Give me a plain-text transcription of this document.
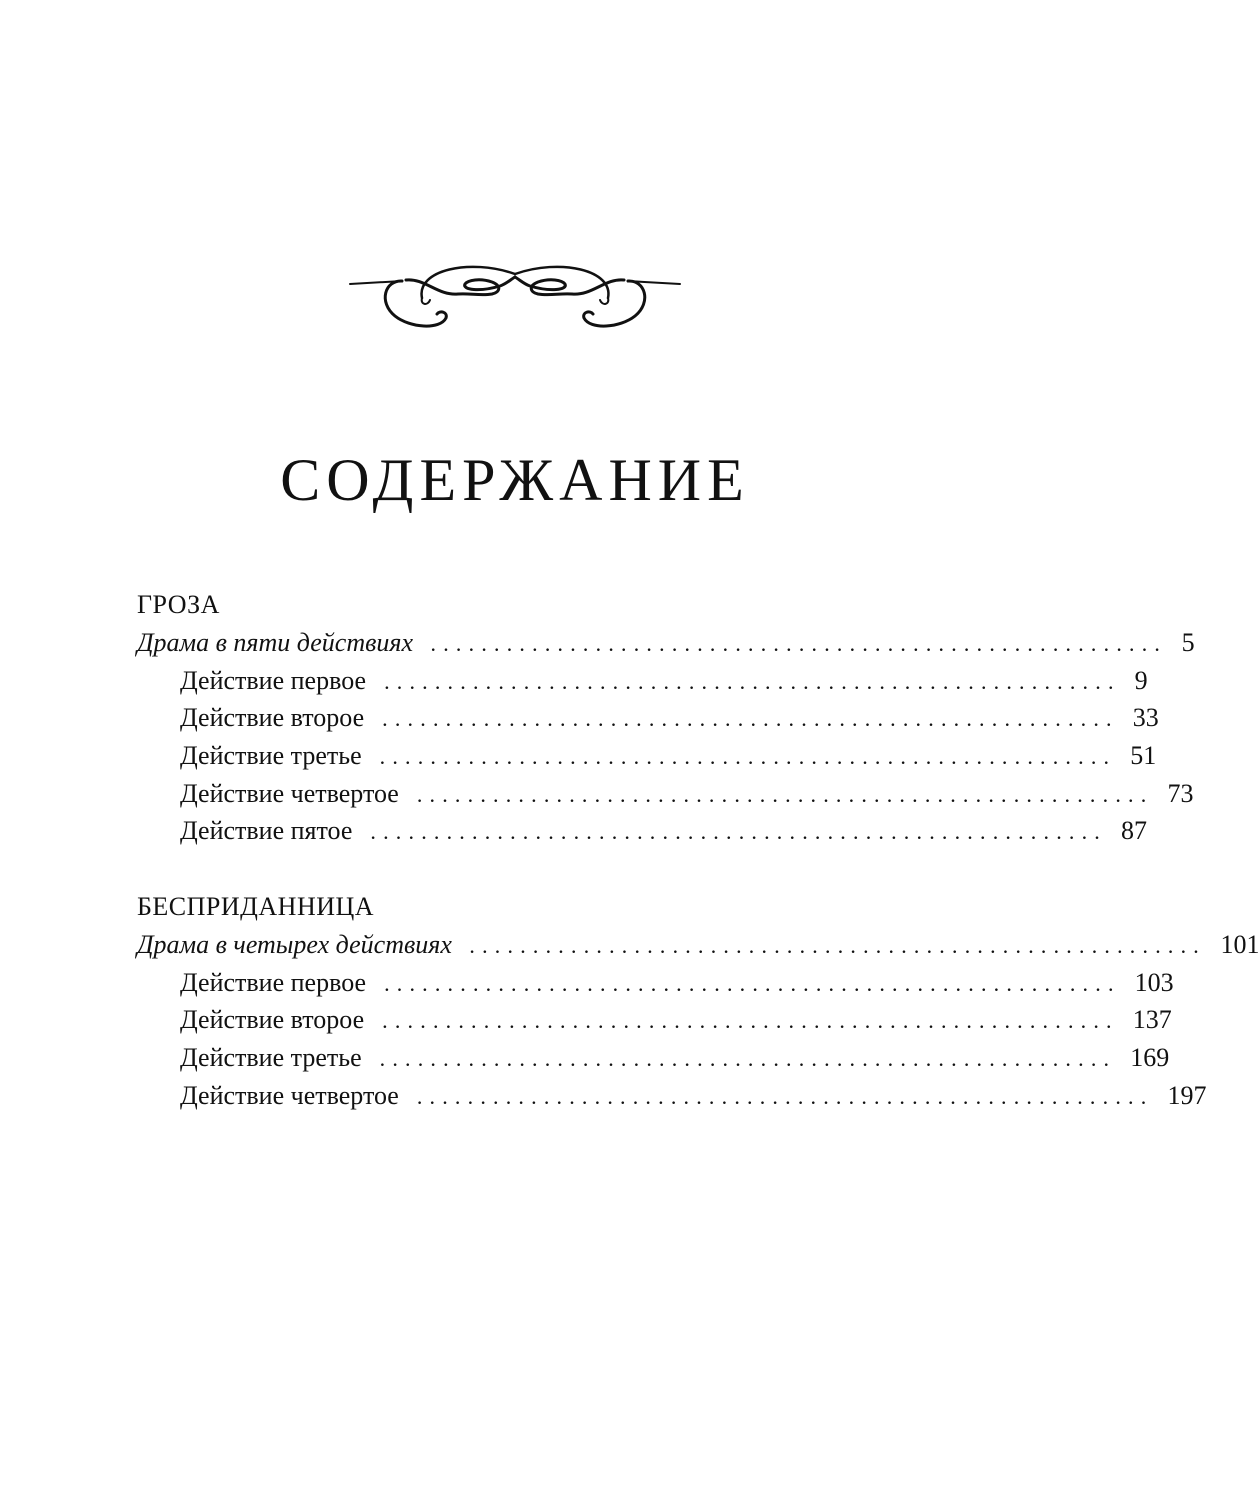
СОДЕРЖАНИЕ
ГРОЗА
Драма в пяти действиях .......................................................... 5
Действие первое .......................................................... 9
Действие второе .......................................................... 33
Действие третье .......................................................... 51
Действие четвертое .......................................................... 73
Действие пятое .......................................................... 87
БЕСПРИДАННИЦА
Драма в четырех действиях .......................................................... 101
Действие первое .......................................................... 103
Действие второе .......................................................... 137
Действие третье .......................................................... 169
Действие четвертое .......................................................... 197
